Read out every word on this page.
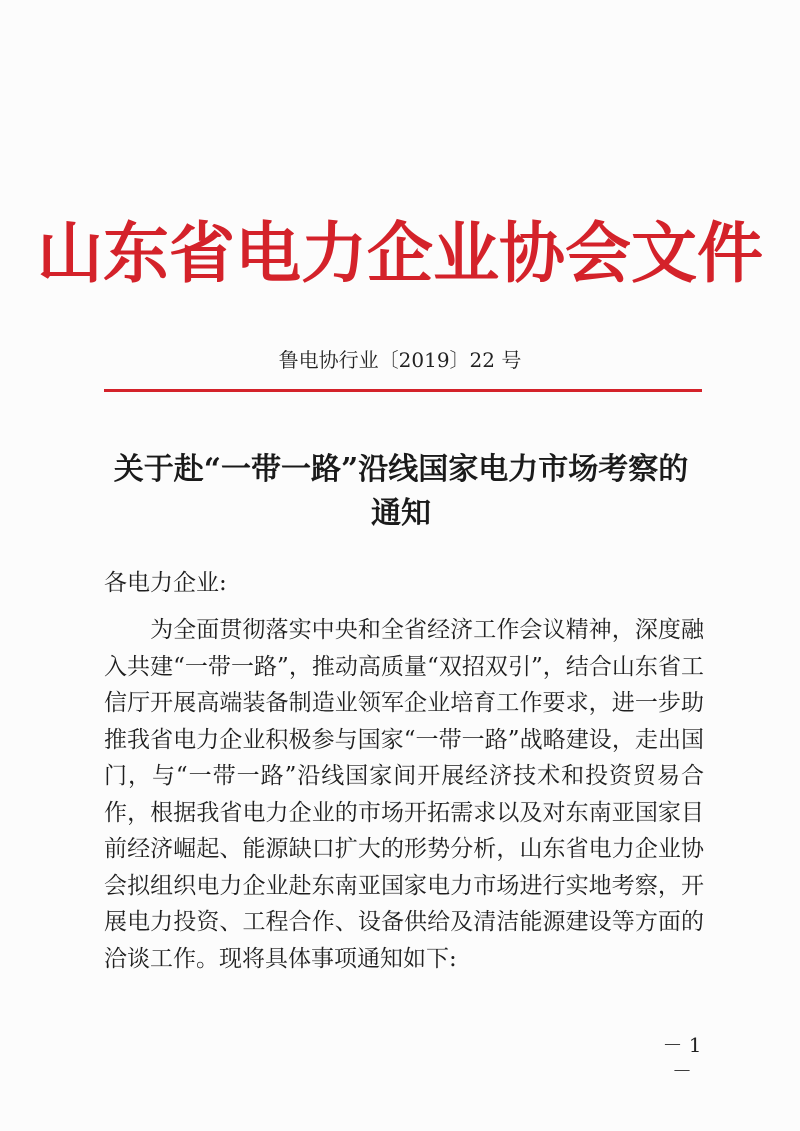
山东省电力企业协会文件
鲁电协行业〔2019〕22 号
关于赴“一带一路”沿线国家电力市场考察的
通知
各电力企业:
为全面贯彻落实中央和全省经济工作会议精神，深度融入共建“一带一路”，推动高质量“双招双引”，结合山东省工信厅开展高端装备制造业领军企业培育工作要求，进一步助推我省电力企业积极参与国家“一带一路”战略建设，走出国门，与“一带一路”沿线国家间开展经济技术和投资贸易合作，根据我省电力企业的市场开拓需求以及对东南亚国家目前经济崛起、能源缺口扩大的形势分析，山东省电力企业协会拟组织电力企业赴东南亚国家电力市场进行实地考察，开展电力投资、工程合作、设备供给及清洁能源建设等方面的洽谈工作。现将具体事项通知如下:
－ 1 －
